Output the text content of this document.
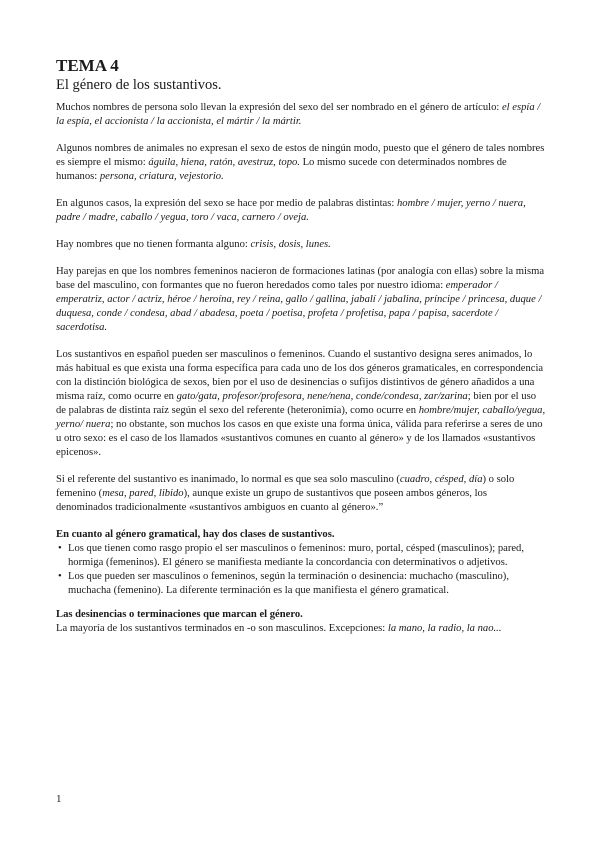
TEMA 4
El género de los sustantivos.

Muchos nombres de persona solo llevan la expresión del sexo del ser nombrado en el género de artículo: el espía / la espía, el accionista / la accionista, el mártir / la mártir.

Algunos nombres de animales no expresan el sexo de estos de ningún modo, puesto que el género de tales nombres es siempre el mismo: águila, hiena, ratón, avestruz, topo. Lo mismo sucede con determinados nombres de humanos: persona, criatura, vejestorio.

En algunos casos, la expresión del sexo se hace por medio de palabras distintas: hombre / mujer, yerno / nuera, padre / madre, caballo / yegua, toro / vaca, carnero / oveja.

Hay nombres que no tienen formanta alguno: crisis, dosis, lunes.

Hay parejas en que los nombres femeninos nacieron de formaciones latinas (por analogía con ellas) sobre la misma base del masculino, con formantes que no fueron heredados como tales por nuestro idioma: emperador / emperatriz, actor / actriz, héroe / heroína, rey / reina, gallo / gallina, jabalí / jabalina, príncipe / princesa, duque / duquesa, conde / condesa, abad / abadesa, poeta / poetisa, profeta / profetisa, papa / papisa, sacerdote / sacerdotisa.

Los sustantivos en español pueden ser masculinos o femeninos. Cuando el sustantivo designa seres animados, lo más habitual es que exista una forma específica para cada uno de los dos géneros gramaticales, en correspondencia con la distinción biológica de sexos, bien por el uso de desinencias o sufijos distintivos de género añadidos a una misma raíz, como ocurre en gato/gata, profesor/profesora, nene/nena, conde/condesa, zar/zarina; bien por el uso de palabras de distinta raíz según el sexo del referente (heteronimia), como ocurre en hombre/mujer, caballo/yegua, yerno/ nuera; no obstante, son muchos los casos en que existe una forma única, válida para referirse a seres de uno u otro sexo: es el caso de los llamados «sustantivos comunes en cuanto al género» y de los llamados «sustantivos epicenos».

Si el referente del sustantivo es inanimado, lo normal es que sea solo masculino (cuadro, césped, día) o solo femenino (mesa, pared, libido), aunque existe un grupo de sustantivos que poseen ambos géneros, los denominados tradicionalmente «sustantivos ambiguos en cuanto al género».”

En cuanto al género gramatical, hay dos clases de sustantivos.
• Los que tienen como rasgo propio el ser masculinos o femeninos: muro, portal, césped (masculinos); pared, hormiga (femeninos). El género se manifiesta mediante la concordancia con determinativos o adjetivos.
• Los que pueden ser masculinos o femeninos, según la terminación o desinencia: muchacho (masculino), muchacha (femenino). La diferente terminación es la que manifiesta el género gramatical.
Las desinencias o terminaciones que marcan el género.

La mayoría de los sustantivos terminados en -o son masculinos. Excepciones: la mano, la radio, la nao...

1
